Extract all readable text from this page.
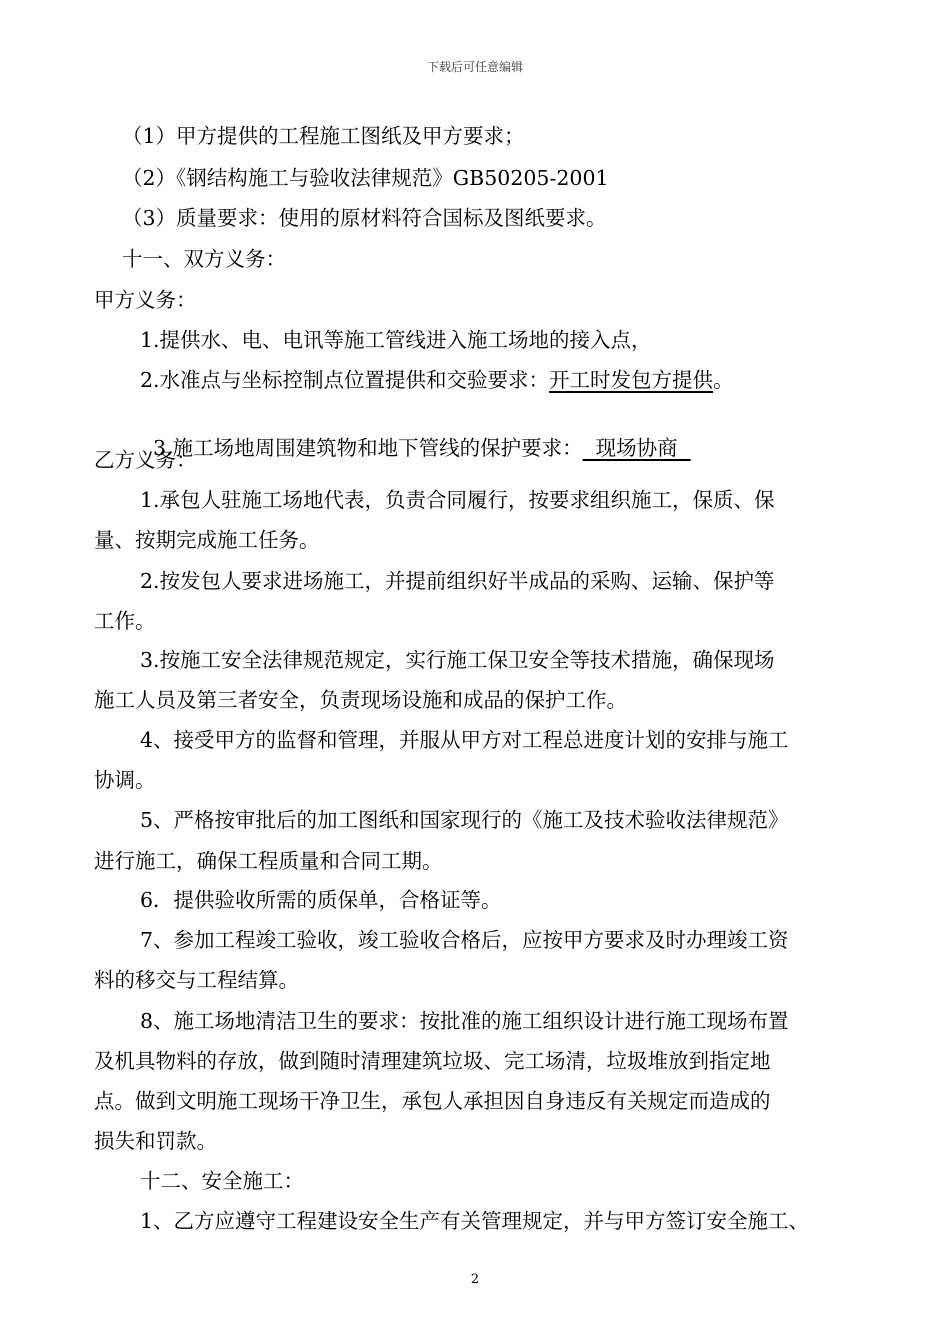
下载后可任意编辑
（1）甲方提供的工程施工图纸及甲方要求；
（2）《钢结构施工与验收法律规范》GB50205-2001
（3）质量要求：使用的原材料符合国标及图纸要求。
十一、双方义务：
甲方义务：
1.提供水、电、电讯等施工管线进入施工场地的接入点，
2.水准点与坐标控制点位置提供和交验要求：开工时发包方提供。

3.施工场地周围建筑物和地下管线的保护要求：  现场协商

乙方义务：
1.承包人驻施工场地代表，负责合同履行，按要求组织施工，保质、保
量、按期完成施工任务。
2.按发包人要求进场施工，并提前组织好半成品的采购、运输、保护等
工作。
3.按施工安全法律规范规定，实行施工保卫安全等技术措施，确保现场
施工人员及第三者安全，负责现场设施和成品的保护工作。
4、接受甲方的监督和管理，并服从甲方对工程总进度计划的安排与施工
协调。
5、严格按审批后的加工图纸和国家现行的《施工及技术验收法律规范》
进行施工，确保工程质量和合同工期。
6．提供验收所需的质保单，合格证等。
7、参加工程竣工验收，竣工验收合格后，应按甲方要求及时办理竣工资
料的移交与工程结算。
8、施工场地清洁卫生的要求：按批准的施工组织设计进行施工现场布置
及机具物料的存放，做到随时清理建筑垃圾、完工场清，垃圾堆放到指定地
点。做到文明施工现场干净卫生，承包人承担因自身违反有关规定而造成的
损失和罚款。
十二、安全施工：
1、乙方应遵守工程建设安全生产有关管理规定，并与甲方签订安全施工、
2
